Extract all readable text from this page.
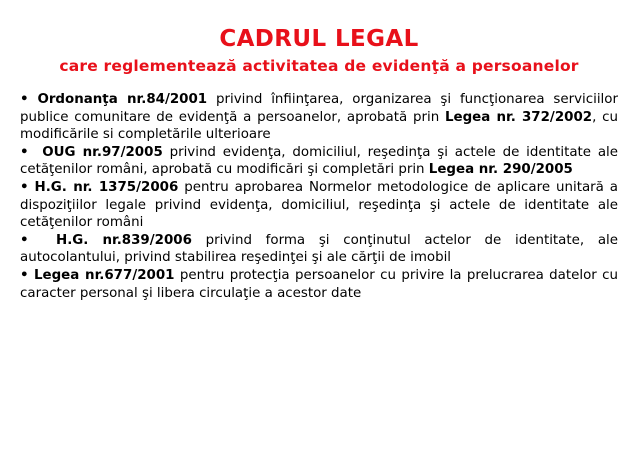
CADRUL LEGAL
care reglementează activitatea de evidenţă a persoanelor

• Ordonanţa nr.84/2001 privind înfiinţarea, organizarea şi funcţionarea serviciilor publice comunitare de evidenţă a persoanelor, aprobată prin Legea nr. 372/2002, cu modificările si completările ulterioare

• OUG nr.97/2005 privind evidenţa, domiciliul, reşedinţa şi actele de identitate ale cetăţenilor români, aprobată cu modificări şi completări prin Legea nr. 290/2005

• H.G. nr. 1375/2006 pentru aprobarea Normelor metodologice de aplicare unitară a dispoziţiilor legale privind evidenţa, domiciliul, reşedinţa şi actele de identitate ale cetăţenilor români

• H.G. nr.839/2006 privind forma şi conţinutul actelor de identitate, ale autocolantului, privind stabilirea reşedinţei şi ale cărţii de imobil

• Legea nr.677/2001 pentru protecţia persoanelor cu privire la prelucrarea datelor cu caracter personal şi libera circulaţie a acestor date
